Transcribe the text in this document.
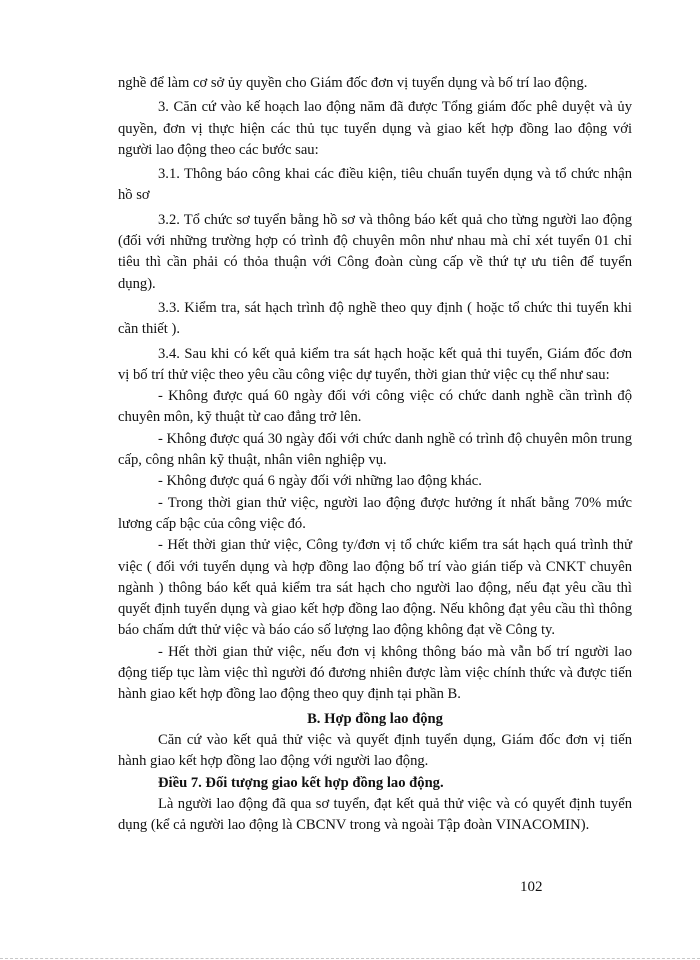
nghề để làm cơ sở ủy quyền cho Giám đốc đơn vị tuyển dụng và bố trí lao động.

3. Căn cứ vào kế hoạch lao động năm đã được Tổng giám đốc phê duyệt và ủy quyền, đơn vị thực hiện các thủ tục tuyển dụng và giao kết hợp đồng lao động với người lao động theo các bước sau:

3.1. Thông báo công khai các điều kiện, tiêu chuẩn tuyển dụng và tổ chức nhận hồ sơ

3.2. Tổ chức sơ tuyển bằng hồ sơ và thông báo kết quả cho từng người lao động (đối với những trường hợp có trình độ chuyên môn như nhau mà chỉ xét tuyển 01 chỉ tiêu thì cần phải có thỏa thuận với Công đoàn cùng cấp về thứ tự ưu tiên để tuyển dụng).

3.3. Kiểm tra, sát hạch trình độ nghề theo quy định ( hoặc tổ chức thi tuyển khi cần thiết ).

3.4. Sau khi có kết quả kiểm tra sát hạch hoặc kết quả thi tuyển, Giám đốc đơn vị bố trí thử việc theo yêu cầu công việc dự tuyển, thời gian thử việc cụ thể như sau:

- Không được quá 60 ngày đối với công việc có chức danh nghề cần trình độ chuyên môn, kỹ thuật từ cao đẳng trở lên.

- Không được quá 30 ngày đối với chức danh nghề có trình độ chuyên môn trung cấp, công nhân kỹ thuật, nhân viên nghiệp vụ.

- Không được quá 6 ngày đối với những lao động khác.

- Trong thời gian thử việc, người lao động được hưởng ít nhất bằng 70% mức lương cấp bậc của công việc đó.

- Hết thời gian thử việc, Công ty/đơn vị tổ chức kiểm tra sát hạch quá trình thử việc ( đối với tuyển dụng và hợp đồng lao động bố trí vào gián tiếp và CNKT chuyên ngành ) thông báo kết quả kiểm tra sát hạch cho người lao động, nếu đạt yêu cầu thì quyết định tuyển dụng và giao kết hợp đồng lao động. Nếu không đạt yêu cầu thì thông báo chấm dứt thử việc và báo cáo số lượng lao động không đạt về Công ty.

- Hết thời gian thử việc, nếu đơn vị không thông báo mà vẫn bố trí người lao động tiếp tục làm việc thì người đó đương nhiên được làm việc chính thức và được tiến hành giao kết hợp đồng lao động theo quy định tại phần B.

B. Hợp đồng lao động

Căn cứ vào kết quả thử việc và quyết định tuyển dụng, Giám đốc đơn vị tiến hành giao kết hợp đồng lao động với người lao động.

Điều 7. Đối tượng giao kết hợp đồng lao động.

Là người lao động đã qua sơ tuyển, đạt kết quả thử việc và có quyết định tuyển dụng (kể cả người lao động là CBCNV trong và ngoài Tập đoàn VINACOMIN).

102
